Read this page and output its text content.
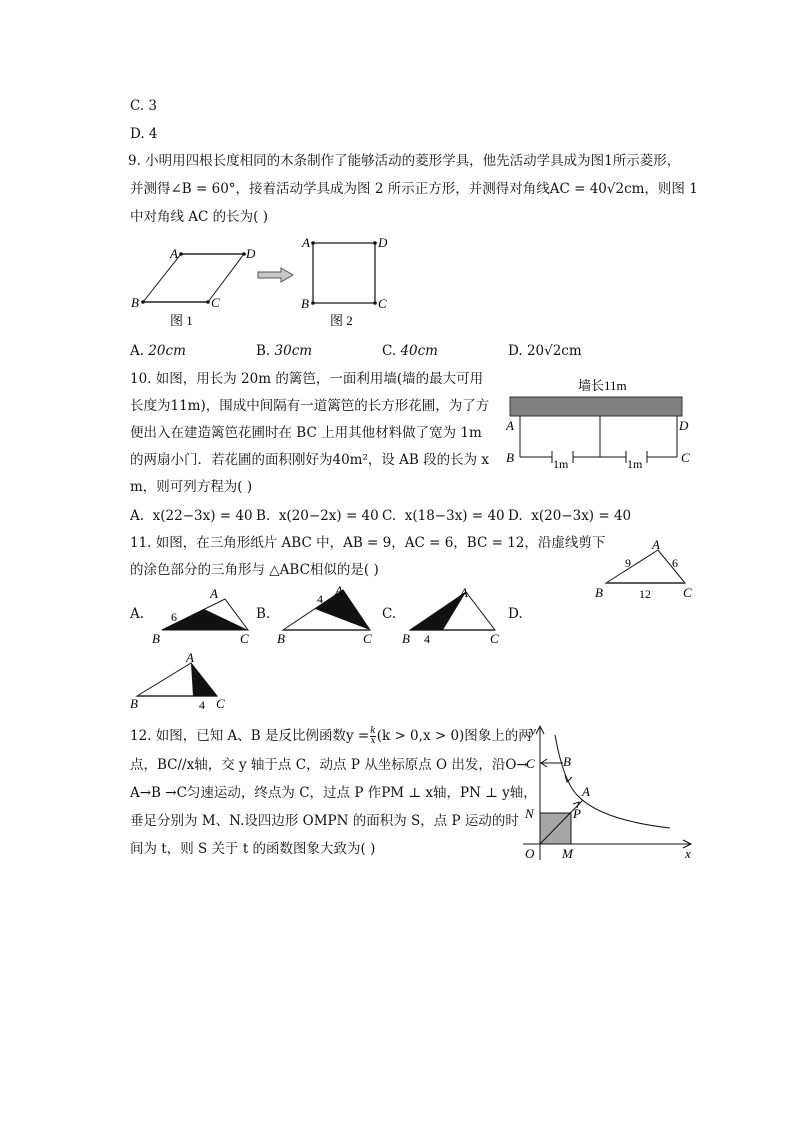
C. 3
D. 4
9. 小明用四根长度相同的木条制作了能够活动的菱形学具，他先活动学具成为图1所示菱形，
并测得∠B = 60°，接着活动学具成为图 2 所示正方形，并测得对角线AC = 40√2cm，则图 1
中对角线 AC 的长为( )
A	D
B	C
图 1
A	D
B	C
图 2
A. 20cm	B. 30cm	C. 40cm	D. 20√2cm
10. 如图，用长为 20m 的篱笆，一面利用墙(墙的最大可用
长度为11m)，围成中间隔有一道篱笆的长方形花圃，为了方
便出入在建造篱笆花圃时在 BC 上用其他材料做了宽为 1m
的两扇小门．若花圃的面积刚好为40m²，设 AB 段的长为 x
m，则可列方程为( )
墙长11m
1m	1m
A	D
B	C
A. x(22−3x) = 40 B. x(20−2x) = 40 C. x(18−3x) = 40 D. x(20−3x) = 40
11. 如图，在三角形纸片 ABC 中，AB = 9，AC = 6，BC = 12，沿虚线剪下
的涂色部分的三角形与 △ABC相似的是( )
A
B	C
9	6
12
A.
A
B	C
6	B.
A
B	C
4
C.
A
B	C
4
D.
A
B	C
4
12. 如图，已知 A、B 是反比例函数$y = \frac{k}{x} (k > 0,x > 0)$图象上的两
点，BC//x轴，交 y 轴于点 C，动点 P 从坐标原点 O 出发，沿O→
A→B →C匀速运动，终点为 C，过点 P 作PM ⊥ x轴，PN ⊥ y轴，
垂足分别为 M、N.设四边形 OMPN 的面积为 S，点 P 运动的时
间为 t，则 S 关于 t 的函数图象大致为( )
y
x
C B
A
N	P
O M
